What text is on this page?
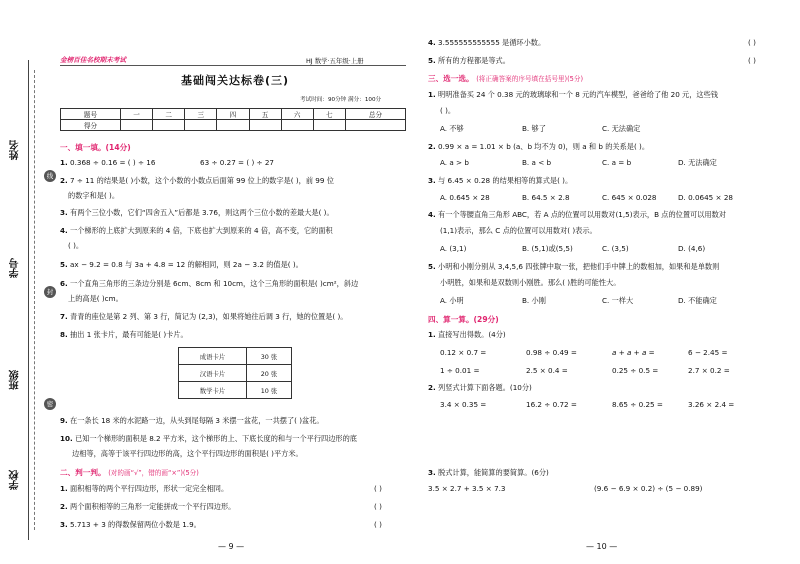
姓名
学号
班级
学校
线
封
密
金榜百佳名校期末考试	HJ 数学·五年级·上册
基础闯关达标卷(三)
考试时间：90分钟 满分：100分
题号	一	二	三	四	五	六	七	总分
得分								
一、填一填。(14分)
1. 0.368 ÷ 0.16 = ( ) ÷ 16	63 ÷ 0.27 = ( ) ÷ 27
2. 7 ÷ 11 的结果是( )小数，这个小数的小数点后面第 99 位上的数字是( )，前 99 位
的数字和是( )。
3. 有两个三位小数，它们“四舍五入”后都是 3.76，则这两个三位小数的差最大是( )。
4. 一个梯形的上底扩大到原来的 4 倍，下底也扩大到原来的 4 倍，高不变，它的面积
( )。
5. ax − 9.2 = 0.8 与 3a + 4.8 = 12 的解相同，则 2a − 3.2 的值是( )。
6. 一个直角三角形的三条边分别是 6cm、8cm 和 10cm，这个三角形的面积是( )cm²，斜边
上的高是( )cm。
7. 青青的座位是第 2 列、第 3 行，简记为 (2,3)，如果将她往后调 3 行，她的位置是( )。
8. 抽出 1 张卡片，最有可能是( )卡片。
成语卡片	30 张
汉语卡片	20 张
数学卡片	10 张
9. 在一条长 18 米的水泥路一边，从头到尾每隔 3 米摆一盆花，一共摆了( )盆花。
10. 已知一个梯形的面积是 8.2 平方米，这个梯形的上、下底长度的和与一个平行四边形的底
边相等，高等于该平行四边形的高，这个平行四边形的面积是( )平方米。
二、判一判。 (对的画“√”，错的画“×”)(5分)
1. 面积相等的两个平行四边形，形状一定完全相同。	( )
2. 两个面积相等的三角形一定能拼成一个平行四边形。	( )
3. 5.713 + 3 的得数保留两位小数是 1.9。	( )
— 9 —
4. 3.555555555555 是循环小数。	( )
5. 所有的方程都是等式。	( )
三、选一选。 (将正确答案的序号填在括号里)(5分)
1. 明明准备买 24 个 0.38 元的玻璃球和一个 8 元的汽车模型，爸爸给了他 20 元，这些钱
( )。
A. 不够	B. 够了	C. 无法确定
2. 0.99 × a = 1.01 × b (a、b 均不为 0)，则 a 和 b 的关系是( )。
A. a > b	B. a < b	C. a = b	D. 无法确定
3. 与 6.45 × 0.28 的结果相等的算式是( )。
A. 0.645 × 28	B. 64.5 × 2.8	C. 645 × 0.028	D. 0.0645 × 28
4. 有一个等腰直角三角形 ABC，若 A 点的位置可以用数对(1,5)表示，B 点的位置可以用数对
(1,1)表示，那么 C 点的位置可以用数对( )表示。
A. (3,1)	B. (5,1)或(5,5)	C. (3,5)	D. (4,6)
5. 小明和小刚分别从 3,4,5,6 四张牌中取一张，把他们手中牌上的数相加，如果和是单数则
小明胜，如果和是双数则小刚胜。那么( )胜的可能性大。
A. 小明	B. 小刚	C. 一样大	D. 不能确定
四、算一算。(29分)
1. 直接写出得数。(4分)
0.12 × 0.7 =	0.98 ÷ 0.49 =	a + a + a =	6 − 2.45 =
1 ÷ 0.01 =	2.5 × 0.4 =	0.25 ÷ 0.5 =	2.7 × 0.2 =
2. 列竖式计算下面各题。(10分)
3.4 × 0.35 =	16.2 ÷ 0.72 =	8.65 ÷ 0.25 =	3.26 × 2.4 =
3. 脱式计算，能简算的要简算。(6分)
3.5 × 2.7 + 3.5 × 7.3	(9.6 − 6.9 × 0.2) ÷ (5 − 0.89)
— 10 —
